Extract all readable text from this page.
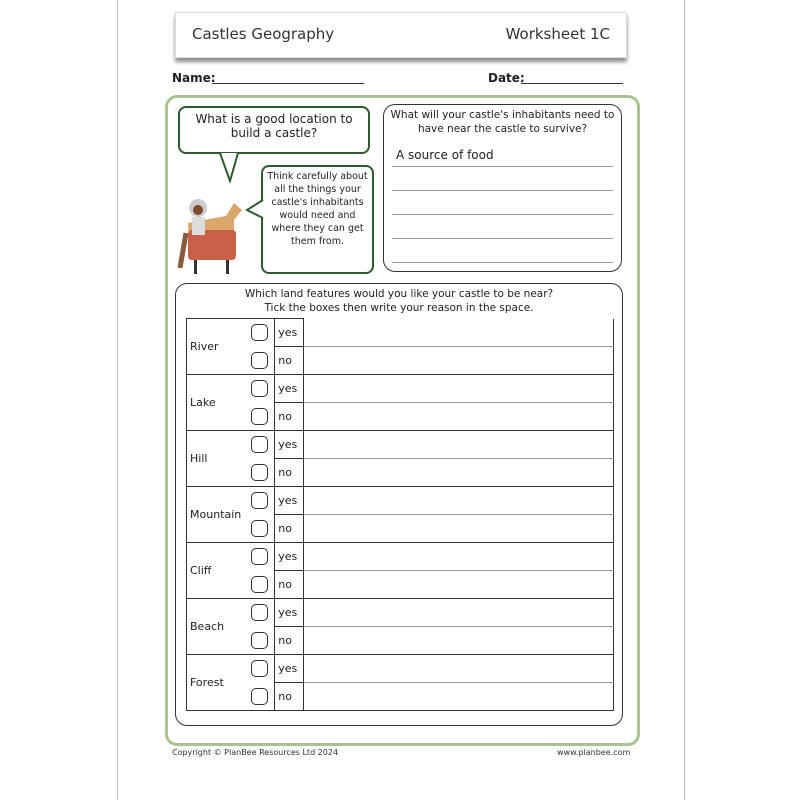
Castles Geography	Worksheet 1C
Name:	Date:
What is a good location to build a castle?
Think carefully about all the things your castle's inhabitants would need and where they can get them from.
What will your castle's inhabitants need to have near the castle to survive?
A source of food
Which land features would you like your castle to be near?
Tick the boxes then write your reason in the space.
River		yes	
		no	
Lake		yes	
		no	
Hill		yes	
		no	
Mountain		yes	
		no	
Cliff		yes	
		no	
Beach		yes	
		no	
Forest		yes	
		no	
Copyright © PlanBee Resources Ltd 2024	www.planbee.com
